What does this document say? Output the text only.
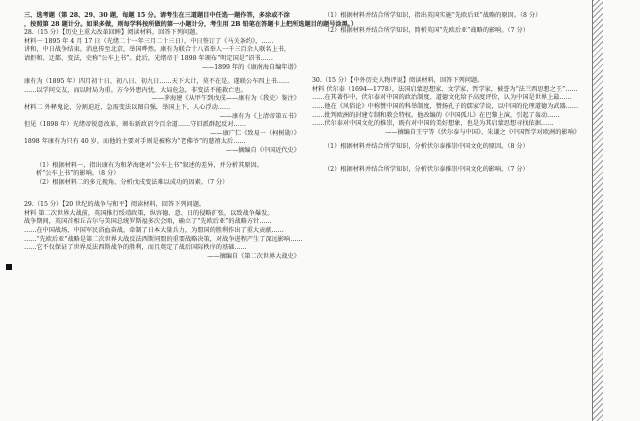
三、选考题（第 28、29、30 题，每题 15 分。请考生在三道题目中任选一题作答，多涂或不涂
，按照第 28 题计分。如果多做，则每学科按所做的第一小题计分，考生用 2B 铅笔在答题卡上把所选题目的题号涂黑。）
28.（15 分）【历史上重大改革回眸】阅读材料，回答下列问题。
材料一 1895 年 4 月 17 日（光绪二十一年三月二十三日），中日签订了《马关条约》，……
讲和，中日战争结束。消息传至北京，举国哗然。康有为联合十八省举人一千三百余人联名上书，
请拒和、迁都、变法，史称“公车上书”。此后，光绪帝于 1898 年颁布“明定国是”诏书……
——1899 年的《康南海自编年谱》
康有为（1895 年）四月初十日、初八日、初九日……天下大计，莫不在是。遂联公车四上书……
……以学问交友，而以时局为重。方今外患内忧，大局危急，非变法不能救亡也。
——茅海建《从甲午到戊戌——康有为〈我史〉鉴注》
材料二 外释鬼论、分割迫近、急需变法以图自强，举国上下，人心浮动……
——康有为《上清帝第五书》
但见（1898 年）光绪帝锐意改革，颁布新政诏令百余道……守旧派群起反对……
——康广仁《致易一（柯树勋）》
1898 年康有为只有 40 岁，而他的主要对手则是被称为“老佛爷”的慈禧太后……
——摘编自《中国近代史》
（1）根据材料一，指出康有为和茅海建对“公车上书”叙述的差异，并分析其原因。
析“公车上书”的影响。（8 分）
（2）根据材料二的多元视角，分析戊戌变法难以成功的因素。（7 分）
29.（15 分）【20 世纪的战争与和平】阅读材料，回答下列问题。
材料 第二次世界大战前，英国推行绥靖政策，纵容德、意、日的侵略扩张，以致战争爆发。
战争期间，英国首相丘吉尔与美国总统罗斯福多次会晤，确立了“先欧后亚”的战略方针……
……在中国战场，中国军民浴血奋战，牵制了日本大量兵力，为盟国的胜利作出了重大贡献……
……“先欧后亚”战略是第二次世界大战反法西斯同盟的重要战略决策，对战争进程产生了深远影响……
……它不仅保证了世界反法西斯战争的胜利，而且奠定了战后国际秩序的基础……
——摘编自《第二次世界大战史》
（1）根据材料并结合所学知识，指出英国实施“先欧后亚”战略的原因。（8 分）
（2）根据材料并结合所学知识，简析英国“先欧后亚”战略的影响。（7 分）
30.（15 分）【中外历史人物评说】阅读材料，回答下列问题。
材料 伏尔泰（1694—1778），法国启蒙思想家、文学家、哲学家，被誉为“法兰西思想之王”……
……在其著作中，伏尔泰对中国的政治制度、道德文化给予高度评价，认为中国是世界上最……
……他在《风俗论》中称赞中国的科举制度，赞扬孔子的儒家学说，以中国的伦理道德为武器……
……批判欧洲的封建专制和教会特权。他改编的《中国孤儿》在巴黎上演，引起了轰动……
……伏尔泰对中国文化的推崇，既有对中国的美好想象，也是为其启蒙思想寻找依据……
——摘编自王宁等《伏尔泰与中国》、朱谦之《中国哲学对欧洲的影响》
（1）根据材料并结合所学知识，分析伏尔泰推崇中国文化的原因。（8 分）
（2）根据材料并结合所学知识，分析伏尔泰推崇中国文化的影响。（7 分）
